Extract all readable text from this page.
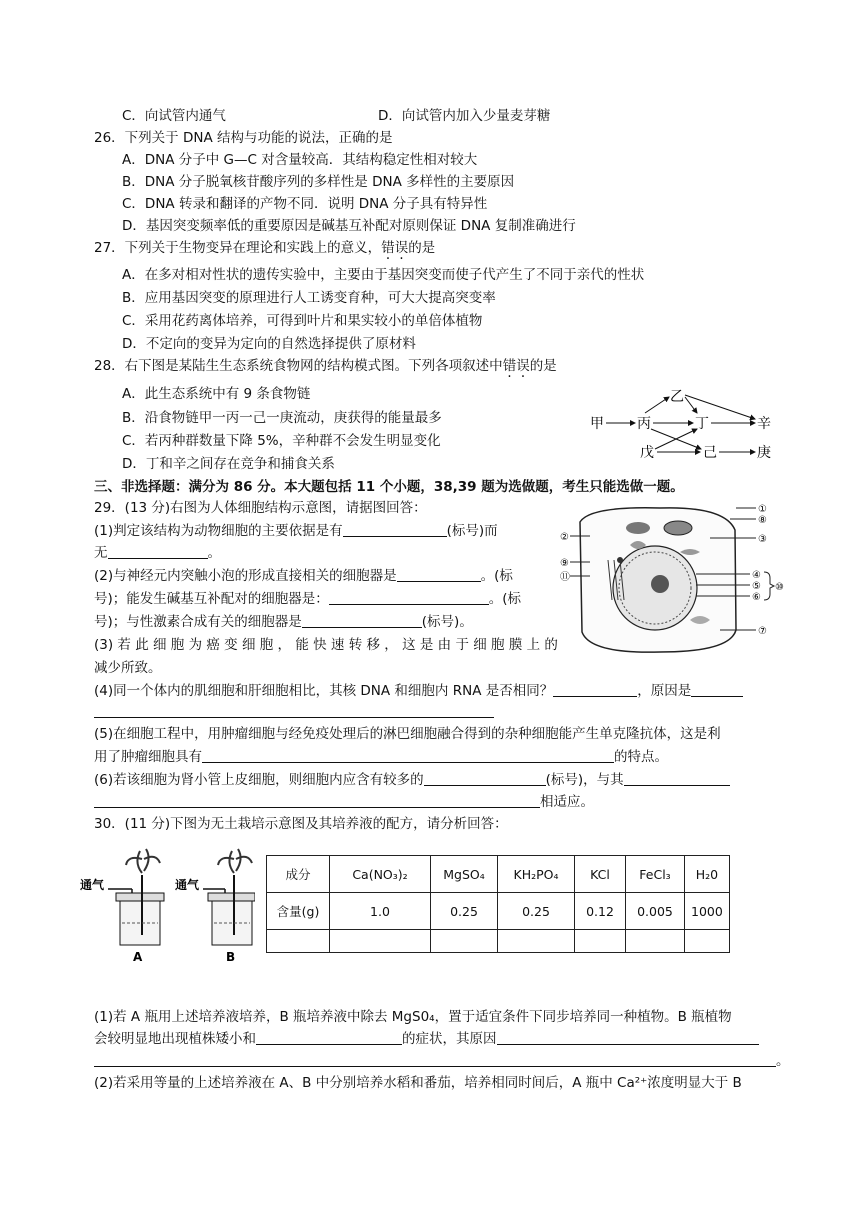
C．向试管内通气	D．向试管内加入少量麦芽糖
26．下列关于 DNA 结构与功能的说法，正确的是
A．DNA 分子中 G—C 对含量较高．其结构稳定性相对较大
B．DNA 分子脱氧核苷酸序列的多样性是 DNA 多样性的主要原因
C．DNA 转录和翻译的产物不同．说明 DNA 分子具有特异性
D．基因突变频率低的重要原因是碱基互补配对原则保证 DNA 复制准确进行
27．下列关于生物变异在理论和实践上的意义，错误的是
A．在多对相对性状的遗传实验中，主要由于基因突变而使子代产生了不同于亲代的性状
B．应用基因突变的原理进行人工诱变育种，可大大提高突变率
C．采用花药离体培养，可得到叶片和果实较小的单倍体植物
D．不定向的变异为定向的自然选择提供了原材料
28．右下图是某陆生生态系统食物网的结构模式图。下列各项叙述中错误的是
A．此生态系统中有 9 条食物链
B．沿食物链甲一丙一己一庚流动，庚获得的能量最多
C．若丙种群数量下降 5%，辛种群不会发生明显变化
D．丁和辛之间存在竞争和捕食关系
乙
甲 丙	丁	辛
戊	己	庚
三、非选择题：满分为 86 分。本大题包括 11 个小题，38,39 题为选做题，考生只能选做一题。
29．(13 分)右图为人体细胞结构示意图，请据图回答：
(1)判定该结构为动物细胞的主要依据是有	(标号)而
无	。
(2)与神经元内突触小泡的形成直接相关的细胞器是	。(标
号)；能发生碱基互补配对的细胞器是：	。(标
号)；与性激素合成有关的细胞器是	(标号)。
(3) 若 此 细 胞 为 癌 变 细 胞 ， 能 快 速 转 移 ， 这 是 由 于 细 胞 膜 上 的
减少所致。
(4)同一个体内的肌细胞和肝细胞相比，其核 DNA 和细胞内 RNA 是否相同？	，原因是
(5)在细胞工程中，用肿瘤细胞与经免疫处理后的淋巴细胞融合得到的杂种细胞能产生单克隆抗体，这是利
用了肿瘤细胞具有	的特点。
(6)若该细胞为肾小管上皮细胞，则细胞内应含有较多的	(标号)，与其
相适应。
①
⑧
③
②
⑨
⑪	④
⑤
⑥
⑩
⑦
30．(11 分)下图为无土栽培示意图及其培养液的配方，请分析回答：
通气
A
通气
B
成分	Ca(NO₃)₂	MgSO₄	KH₂PO₄	KCl	FeCl₃	H₂0
含量(g)	1.0	0.25	0.25	0.12	0.005	1000

(1)若 A 瓶用上述培养液培养，B 瓶培养液中除去 MgS0₄，置于适宜条件下同步培养同一种植物。B 瓶植物
会较明显地出现植株矮小和	的症状，其原因
。
(2)若采用等量的上述培养液在 A、B 中分别培养水稻和番茄，培养相同时间后，A 瓶中 Ca²⁺浓度明显大于 B
